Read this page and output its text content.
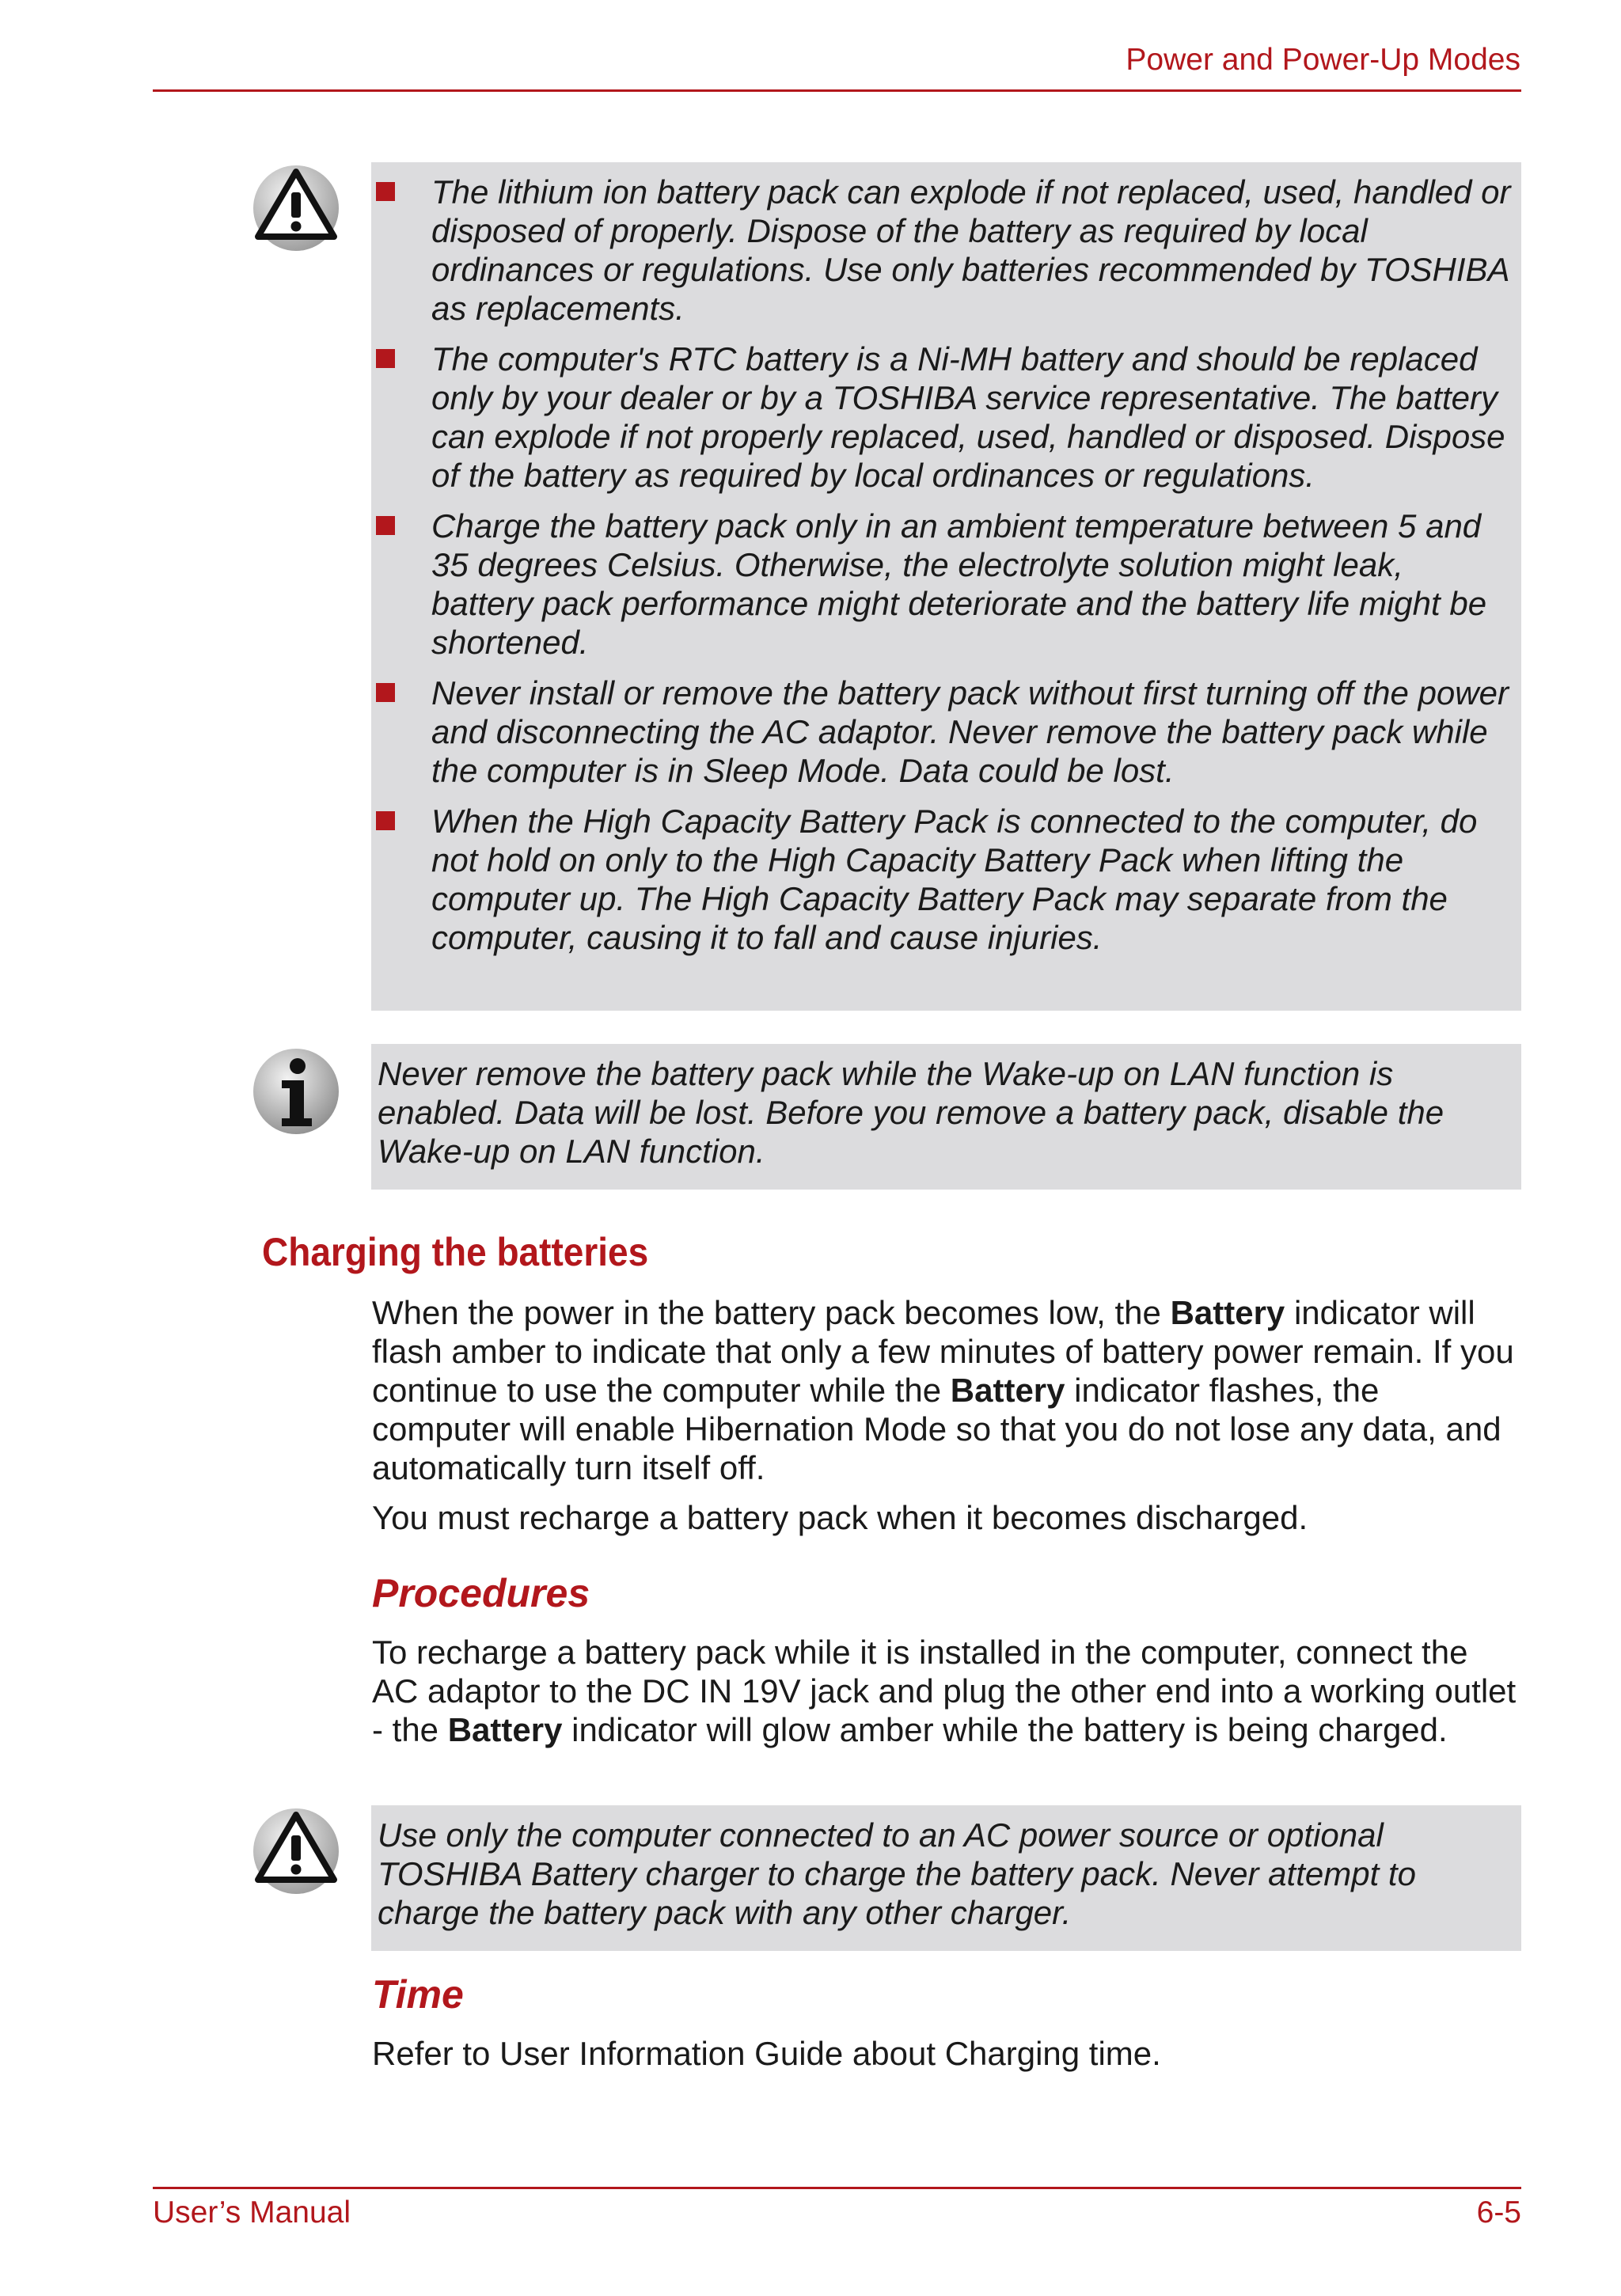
Power and Power-Up Modes
The lithium ion battery pack can explode if not replaced, used, handled or disposed of properly. Dispose of the battery as required by local ordinances or regulations. Use only batteries recommended by TOSHIBA as replacements.
The computer's RTC battery is a Ni-MH battery and should be replaced only by your dealer or by a TOSHIBA service representative. The battery can explode if not properly replaced, used, handled or disposed. Dispose of the battery as required by local ordinances or regulations.
Charge the battery pack only in an ambient temperature between 5 and 35 degrees Celsius. Otherwise, the electrolyte solution might leak, battery pack performance might deteriorate and the battery life might be shortened.
Never install or remove the battery pack without first turning off the power and disconnecting the AC adaptor. Never remove the battery pack while the computer is in Sleep Mode. Data could be lost.
When the High Capacity Battery Pack is connected to the computer, do not hold on only to the High Capacity Battery Pack when lifting the computer up. The High Capacity Battery Pack may separate from the computer, causing it to fall and cause injuries.
Never remove the battery pack while the Wake-up on LAN function is enabled. Data will be lost. Before you remove a battery pack, disable the Wake-up on LAN function.
Charging the batteries
When the power in the battery pack becomes low, the Battery indicator will flash amber to indicate that only a few minutes of battery power remain. If you continue to use the computer while the Battery indicator flashes, the computer will enable Hibernation Mode so that you do not lose any data, and automatically turn itself off.
You must recharge a battery pack when it becomes discharged.
Procedures
To recharge a battery pack while it is installed in the computer, connect the AC adaptor to the DC IN 19V jack and plug the other end into a working outlet - the Battery indicator will glow amber while the battery is being charged.
Use only the computer connected to an AC power source or optional TOSHIBA Battery charger to charge the battery pack. Never attempt to charge the battery pack with any other charger.
Time
Refer to User Information Guide about Charging time.
User’s Manual	6-5
